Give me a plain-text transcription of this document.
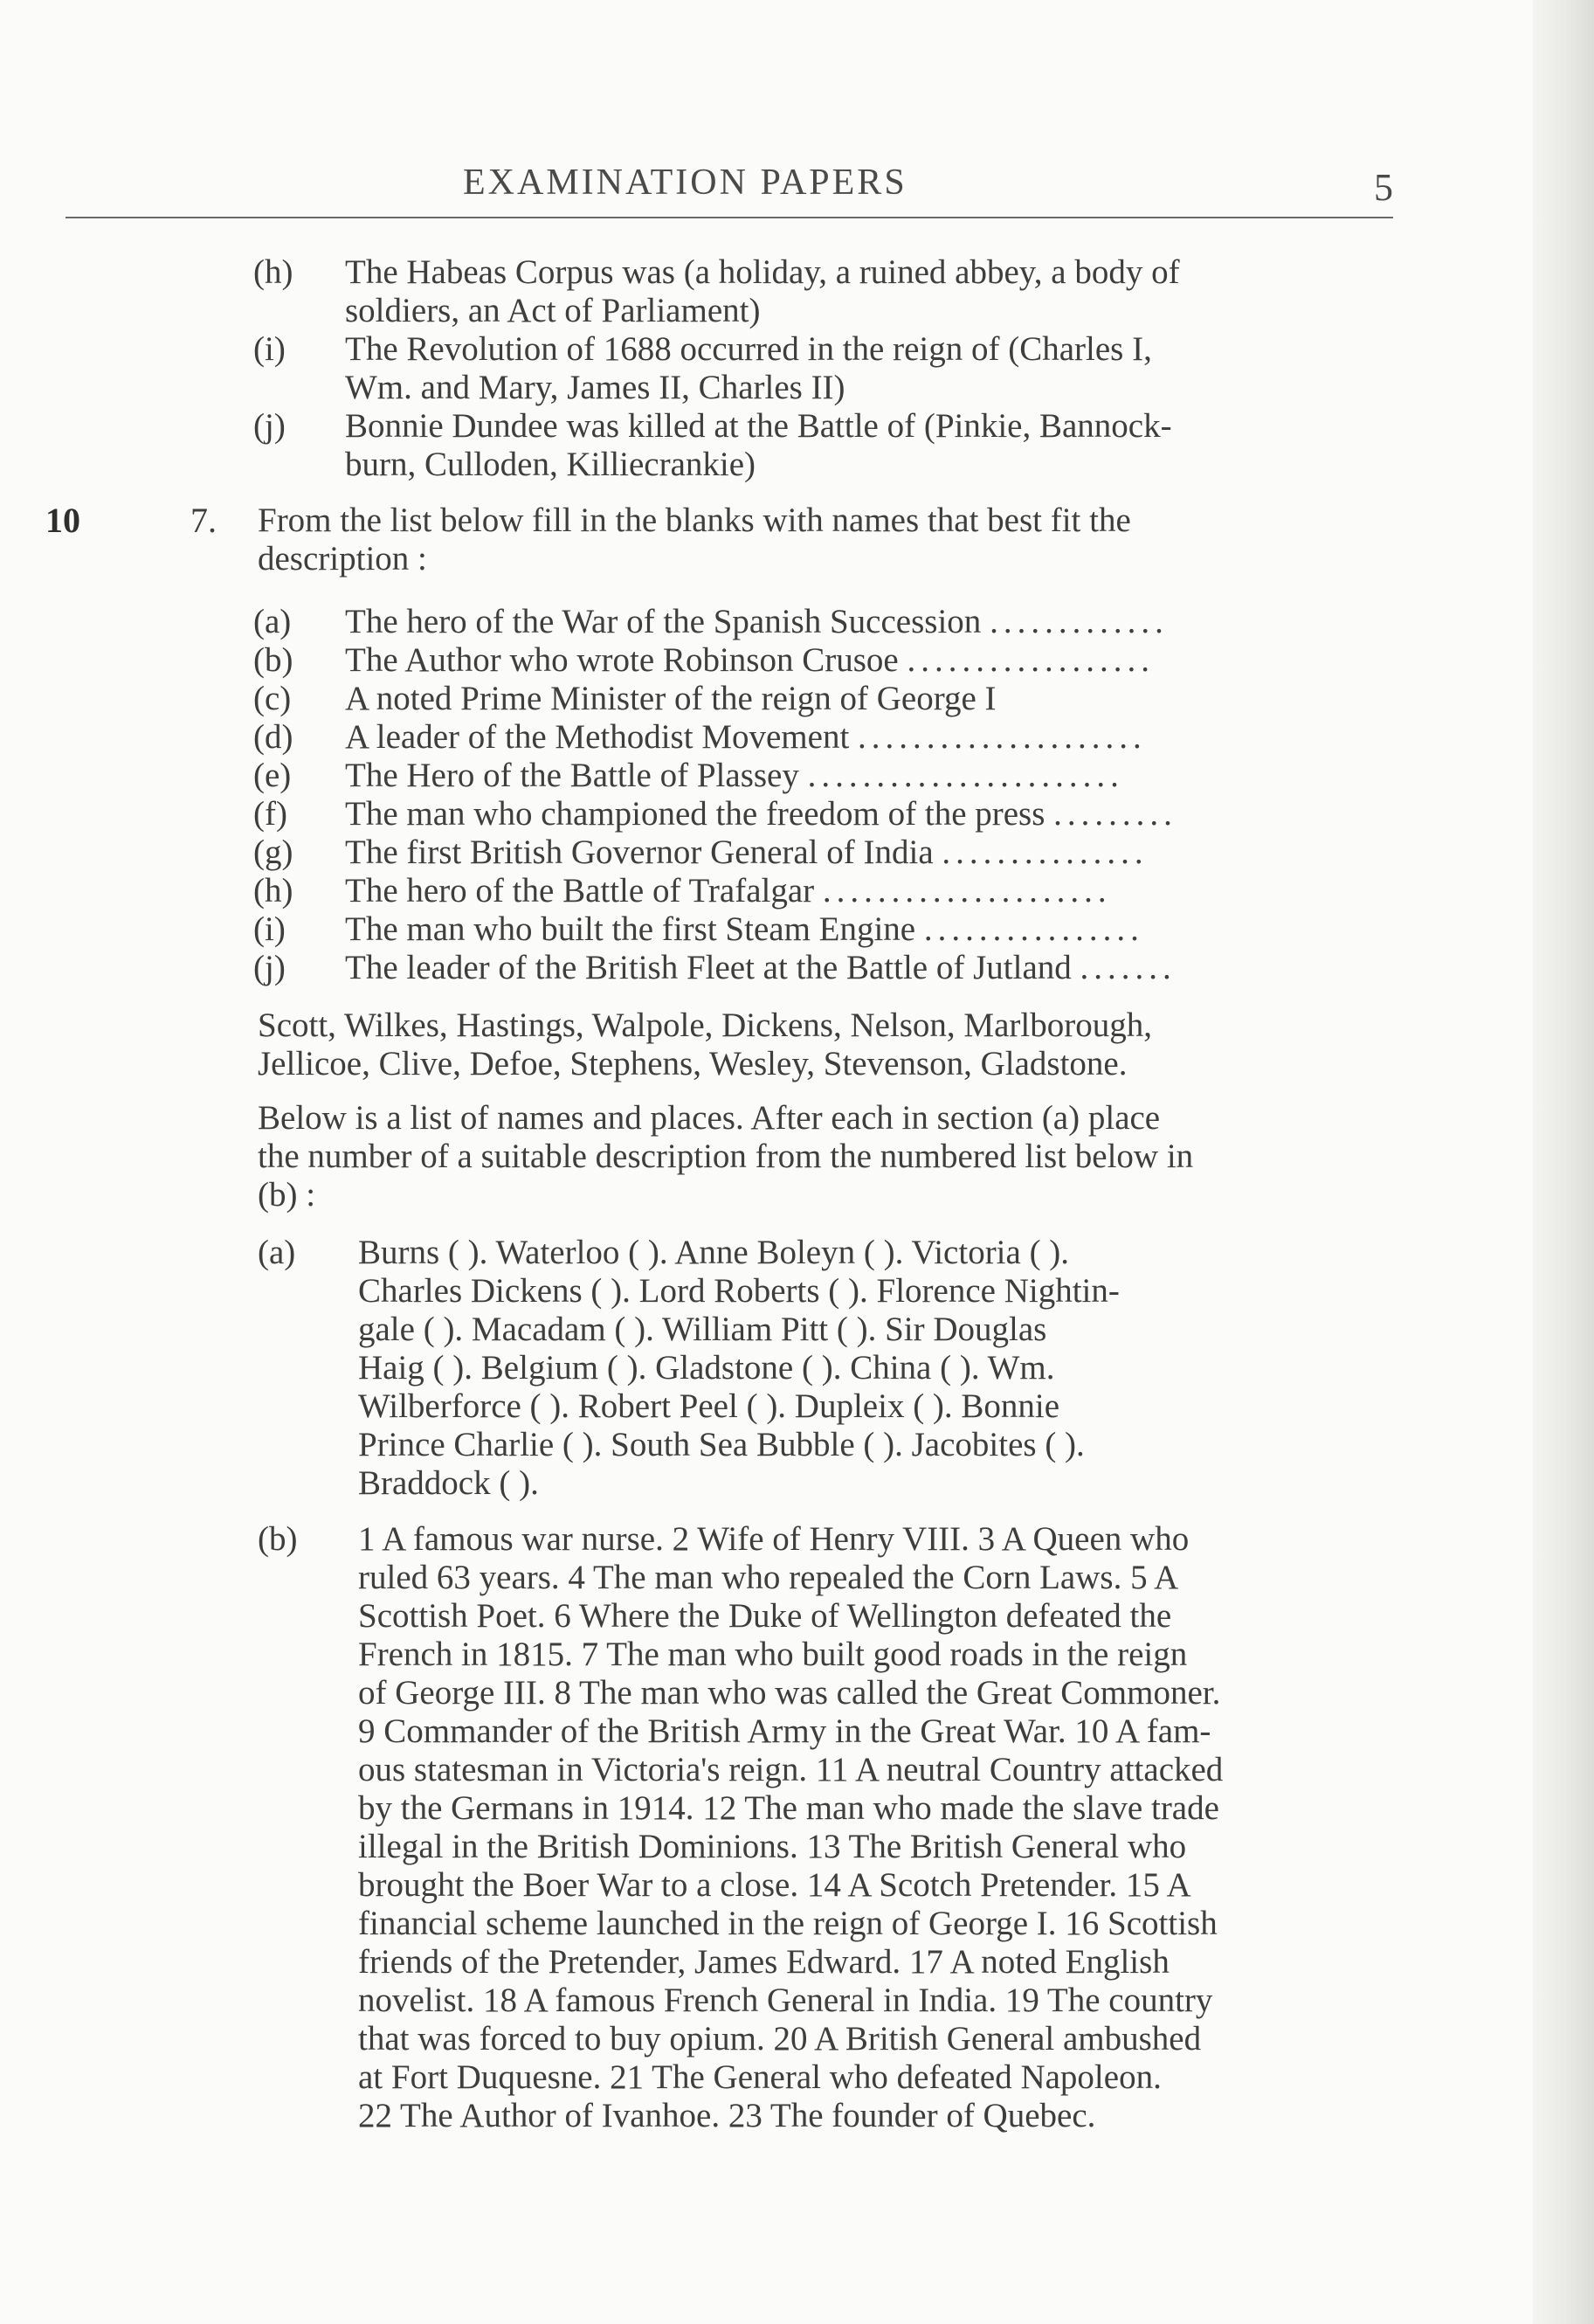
EXAMINATION PAPERS	5
(h) The Habeas Corpus was (a holiday, a ruined abbey, a body of
soldiers, an Act of Parliament)
(i) The Revolution of 1688 occurred in the reign of (Charles I,
Wm. and Mary, James II, Charles II)
(j) Bonnie Dundee was killed at the Battle of (Pinkie, Bannock-
burn, Culloden, Killiecrankie)
10	7. From the list below fill in the blanks with names that best fit the
description :
(a) The hero of the War of the Spanish Succession .............
(b) The Author who wrote Robinson Crusoe ..................
(c) A noted Prime Minister of the reign of George I
(d) A leader of the Methodist Movement .....................
(e) The Hero of the Battle of Plassey .......................
(f) The man who championed the freedom of the press .........
(g) The first British Governor General of India ...............
(h) The hero of the Battle of Trafalgar .....................
(i) The man who built the first Steam Engine ................
(j) The leader of the British Fleet at the Battle of Jutland .......
Scott, Wilkes, Hastings, Walpole, Dickens, Nelson, Marlborough,
Jellicoe, Clive, Defoe, Stephens, Wesley, Stevenson, Gladstone.
Below is a list of names and places. After each in section (a) place
the number of a suitable description from the numbered list below in
(b) :
(a) Burns ( ). Waterloo ( ). Anne Boleyn ( ). Victoria ( ).
Charles Dickens ( ). Lord Roberts ( ). Florence Nightin-
gale ( ). Macadam ( ). William Pitt ( ). Sir Douglas
Haig ( ). Belgium ( ). Gladstone ( ). China ( ). Wm.
Wilberforce ( ). Robert Peel ( ). Dupleix ( ). Bonnie
Prince Charlie ( ). South Sea Bubble ( ). Jacobites ( ).
Braddock ( ).
(b) 1 A famous war nurse. 2 Wife of Henry VIII. 3 A Queen who
ruled 63 years. 4 The man who repealed the Corn Laws. 5 A
Scottish Poet. 6 Where the Duke of Wellington defeated the
French in 1815. 7 The man who built good roads in the reign
of George III. 8 The man who was called the Great Commoner.
9 Commander of the British Army in the Great War. 10 A fam-
ous statesman in Victoria's reign. 11 A neutral Country attacked
by the Germans in 1914. 12 The man who made the slave trade
illegal in the British Dominions. 13 The British General who
brought the Boer War to a close. 14 A Scotch Pretender. 15 A
financial scheme launched in the reign of George I. 16 Scottish
friends of the Pretender, James Edward. 17 A noted English
novelist. 18 A famous French General in India. 19 The country
that was forced to buy opium. 20 A British General ambushed
at Fort Duquesne. 21 The General who defeated Napoleon.
22 The Author of Ivanhoe. 23 The founder of Quebec.
